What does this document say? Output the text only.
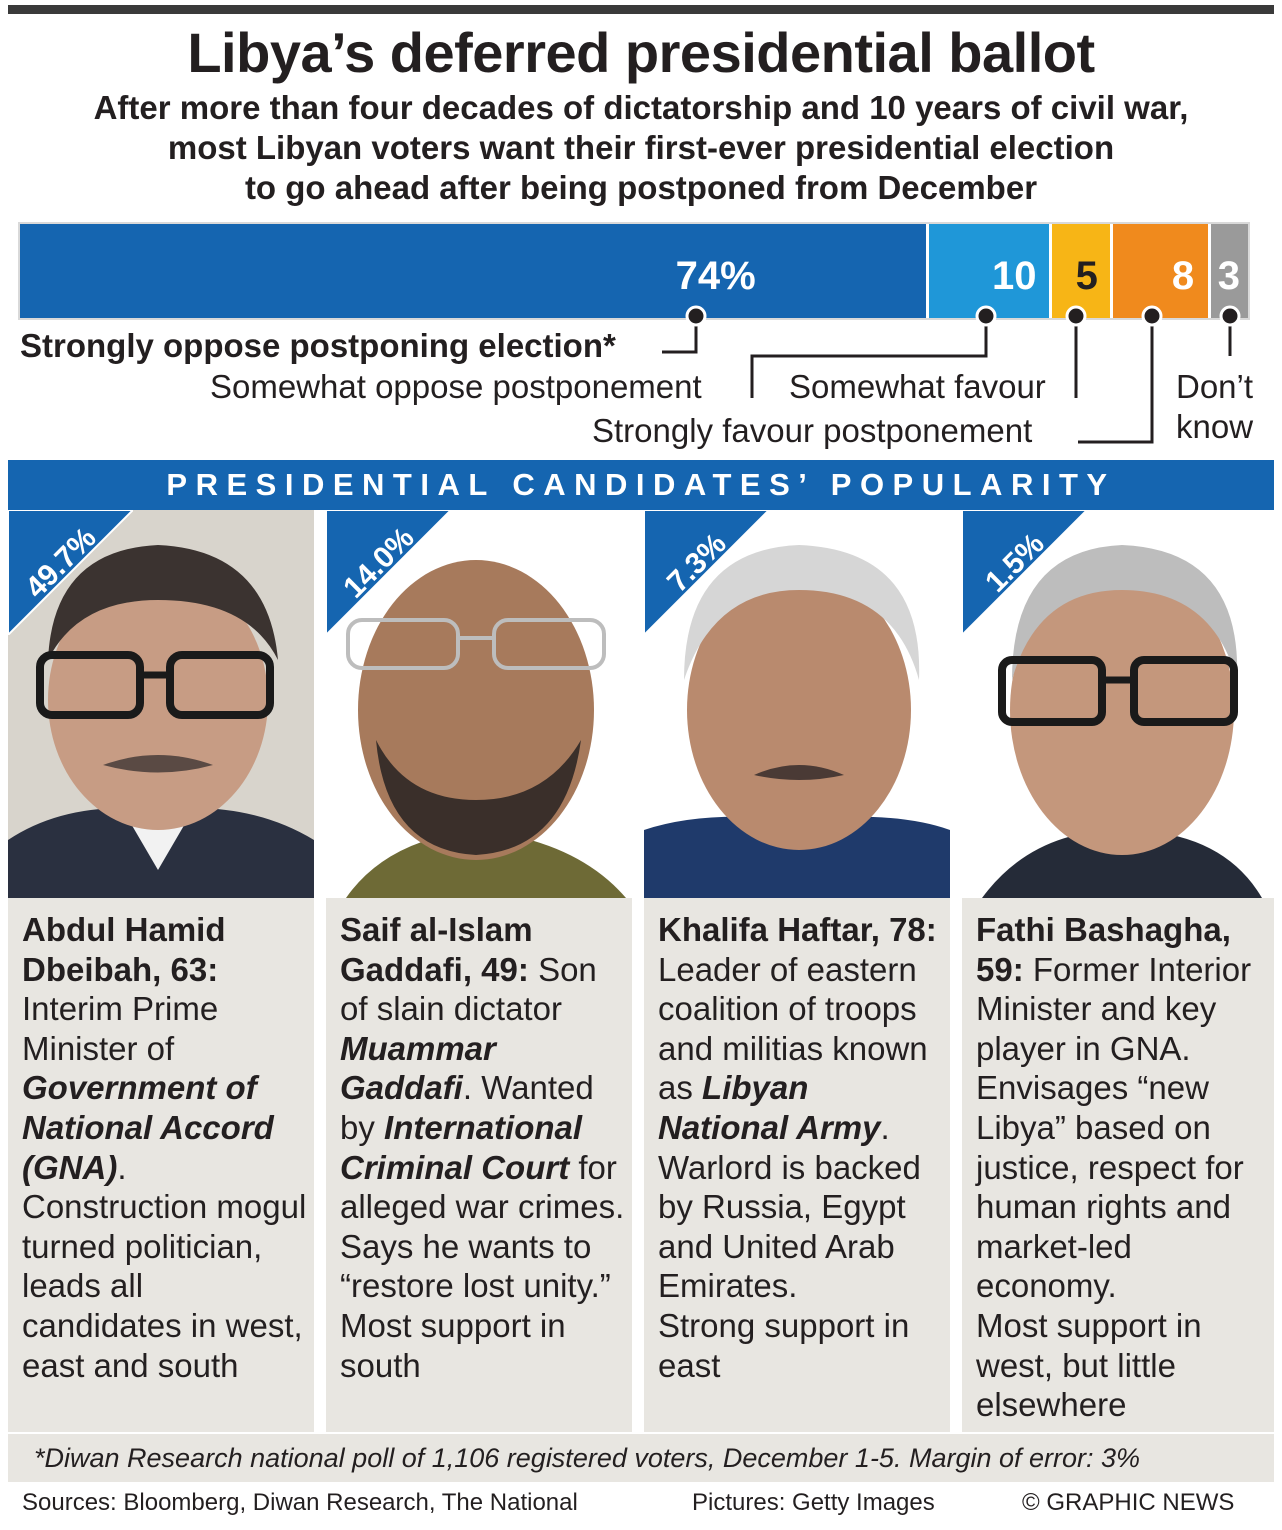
Libya’s deferred presidential ballot
After more than four decades of dictatorship and 10 years of civil war,
most Libyan voters want their first-ever presidential election
to go ahead after being postponed from December
74%	10 5 8 3
Strongly oppose postponing election*
Somewhat oppose postponement	Somewhat favour
Strongly favour postponement
Don’t
know
PRESIDENTIAL CANDIDATES’ POPULARITY
49.7%
Abdul Hamid Dbeibah, 63: Interim Prime Minister of Government of National Accord (GNA). Construction mogul turned politician, leads all candidates in west, east and south
14.0%
Saif al-Islam Gaddafi, 49: Son of slain dictator Muammar Gaddafi. Wanted by International Criminal Court for alleged war crimes.
Says he wants to “restore lost unity.” Most support in south
7.3%
Khalifa Haftar, 78: Leader of eastern coalition of troops and militias known as Libyan National Army. Warlord is backed by Russia, Egypt and United Arab Emirates.
Strong support in east
1.5%
Fathi Bashagha, 59: Former Interior Minister and key player in GNA. Envisages “new Libya” based on justice, respect for human rights and market-led economy.
Most support in west, but little elsewhere
*Diwan Research national poll of 1,106 registered voters, December 1-5. Margin of error: 3%
Sources: Bloomberg, Diwan Research, The National	Pictures: Getty Images	© GRAPHIC NEWS
